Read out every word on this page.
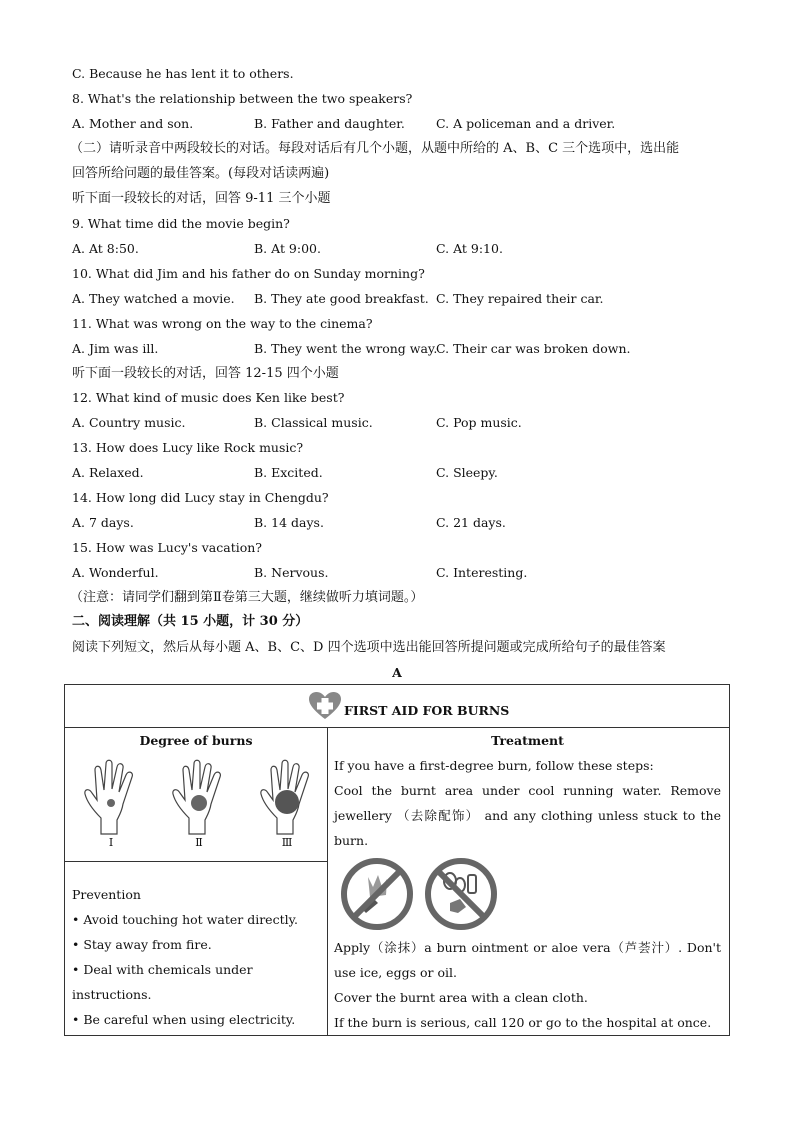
C. Because he has lent it to others.
8. What's the relationship between the two speakers?
A. Mother and son.	B. Father and daughter. C. A policeman and a driver.
（二）请听录音中两段较长的对话。每段对话后有几个小题，从题中所给的 A、B、C 三个选项中，选出能
回答所给问题的最佳答案。(每段对话读两遍)
听下面一段较长的对话，回答 9-11 三个小题
9. What time did the movie begin?
A. At 8:50.	B. At 9:00.	C. At 9:10.
10. What did Jim and his father do on Sunday morning?
A. They watched a movie. B. They ate good breakfast. C. They repaired their car.
11. What was wrong on the way to the cinema?
A. Jim was ill.	B. They went the wrong way.
C. Their car was broken down.
听下面一段较长的对话，回答 12-15 四个小题
12. What kind of music does Ken like best?
A. Country music.	B. Classical music.	C. Pop music.
13. How does Lucy like Rock music?
A. Relaxed.	B. Excited.	C. Sleepy.
14. How long did Lucy stay in Chengdu?
A. 7 days.	B. 14 days.	C. 21 days.
15. How was Lucy's vacation?
A. Wonderful.	B. Nervous.	C. Interesting.
（注意：请同学们翻到第Ⅱ卷第三大题，继续做听力填词题。）
二、阅读理解（共 15 小题，计 30 分）
阅读下列短文，然后从每小题 A、B、C、D 四个选项中选出能回答所提问题或完成所给句子的最佳答案
A
FIRST AID FOR BURNS

Degree of burns
Ⅰ	Ⅱ	Ⅲ

Treatment
If you have a first-degree burn, follow these steps:
Cool the burnt area under cool running water. Remove jewellery （去除配饰） and any clothing unless stuck to the burn.
Apply（涂抹）a burn ointment or aloe vera（芦荟汁）. Don't use ice, eggs or oil.
Cover the burnt area with a clean cloth.
If the burn is serious, call 120 or go to the hospital at once.

Prevention
• Avoid touching hot water directly.
• Stay away from fire.
• Deal with chemicals under instructions.
• Be careful when using electricity.
